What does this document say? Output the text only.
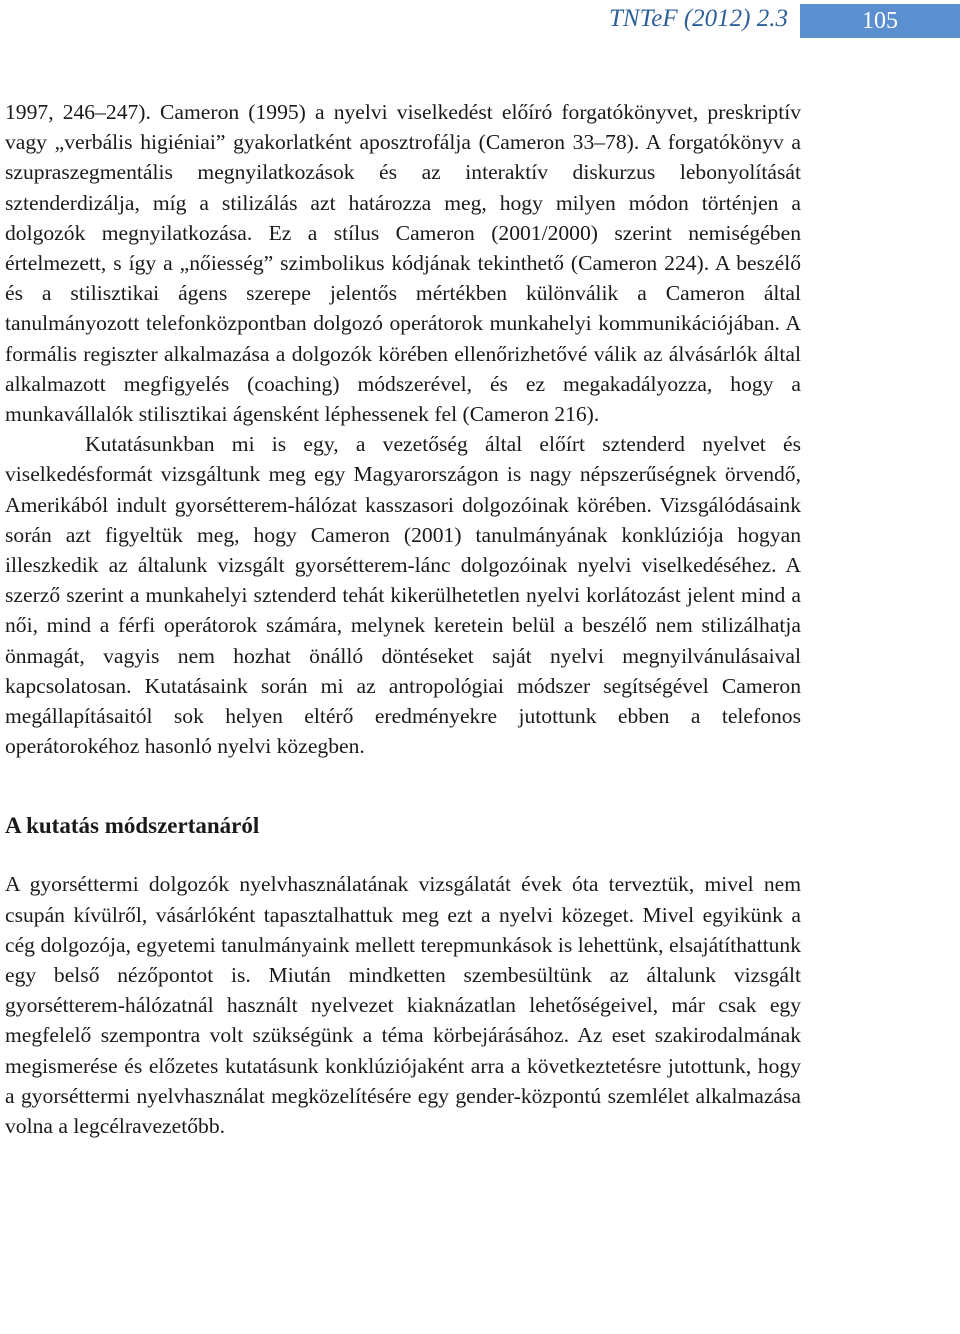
TNTeF (2012) 2.3	105

1997, 246–247). Cameron (1995) a nyelvi viselkedést előíró forgatókönyvet, preskriptív vagy „verbális higiéniai” gyakorlatként aposztrofálja (Cameron 33–78). A forgatókönyv a szupraszegmentális megnyilatkozások és az interaktív diskurzus lebonyolítását sztenderdizálja, míg a stilizálás azt határozza meg, hogy milyen módon történjen a dolgozók megnyilatkozása. Ez a stílus Cameron (2001/2000) szerint nemiségében értelmezett, s így a „nőiesség” szimbolikus kódjának tekinthető (Cameron 224). A beszélő és a stilisztikai ágens szerepe jelentős mértékben különválik a Cameron által tanulmányozott telefonközpontban dolgozó operátorok munkahelyi kommunikációjában. A formális regiszter alkalmazása a dolgozók körében ellenőrizhetővé válik az álvásárlók által alkalmazott megfigyelés (coaching) módszerével, és ez megakadályozza, hogy a munkavállalók stilisztikai ágensként léphessenek fel (Cameron 216).

Kutatásunkban mi is egy, a vezetőség által előírt sztenderd nyelvet és viselkedésformát vizsgáltunk meg egy Magyarországon is nagy népszerűségnek örvendő, Amerikából indult gyorsétterem-hálózat kasszasori dolgozóinak körében. Vizsgálódásaink során azt figyeltük meg, hogy Cameron (2001) tanulmányának konklúziója hogyan illeszkedik az általunk vizsgált gyorsétterem-lánc dolgozóinak nyelvi viselkedéséhez. A szerző szerint a munkahelyi sztenderd tehát kikerülhetetlen nyelvi korlátozást jelent mind a női, mind a férfi operátorok számára, melynek keretein belül a beszélő nem stilizálhatja önmagát, vagyis nem hozhat önálló döntéseket saját nyelvi megnyilvánulásaival kapcsolatosan. Kutatásaink során mi az antropológiai módszer segítségével Cameron megállapításaitól sok helyen eltérő eredményekre jutottunk ebben a telefonos operátorokéhoz hasonló nyelvi közegben.

A kutatás módszertanáról

A gyorséttermi dolgozók nyelvhasználatának vizsgálatát évek óta terveztük, mivel nem csupán kívülről, vásárlóként tapasztalhattuk meg ezt a nyelvi közeget. Mivel egyikünk a cég dolgozója, egyetemi tanulmányaink mellett terepmunkások is lehettünk, elsajátíthattunk egy belső nézőpontot is. Miután mindketten szembesültünk az általunk vizsgált gyorsétterem-hálózatnál használt nyelvezet kiaknázatlan lehetőségeivel, már csak egy megfelelő szempontra volt szükségünk a téma körbejárásához. Az eset szakirodalmának megismerése és előzetes kutatásunk konklúziójaként arra a következtetésre jutottunk, hogy a gyorséttermi nyelvhasználat megközelítésére egy gender-központú szemlélet alkalmazása volna a legcélravezetőbb.
